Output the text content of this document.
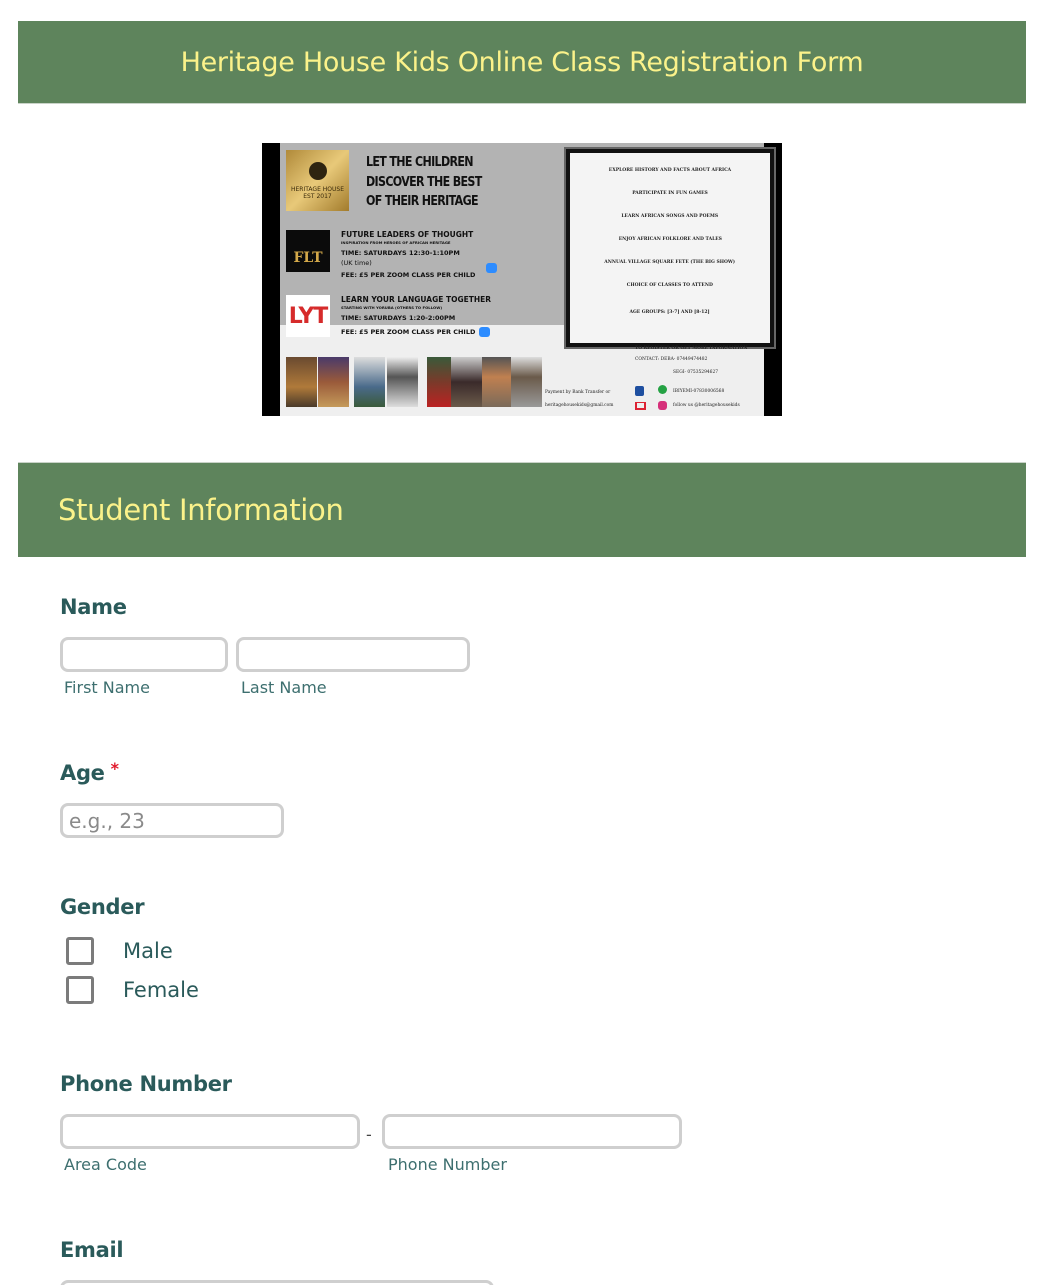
Heritage House Kids Online Class Registration Form
HERITAGE HOUSE
EST 2017
LET THE CHILDREN
DISCOVER THE BEST
OF THEIR HERITAGE
FLT
FUTURE LEADERS OF THOUGHT
INSPIRATION FROM HEROES OF AFRICAN HERITAGE
TIME: SATURDAYS 12:30-1:10PM
(UK time)
FEE: £5 PER ZOOM CLASS PER CHILD
LYT
LEARN YOUR LANGUAGE TOGETHER
STARTING WITH YORUBA (OTHERS TO FOLLOW)
TIME: SATURDAYS 1:20-2:00PM
FEE: £5 PER ZOOM CLASS PER CHILD
EXPLORE HISTORY AND FACTS ABOUT AFRICA
PARTICIPATE IN FUN GAMES
LEARN AFRICAN SONGS AND POEMS
ENJOY AFRICAN FOLKLORE AND TALES
ANNUAL VILLAGE SQUARE FETE (THE BIG SHOW)
CHOICE OF CLASSES TO ATTEND
AGE GROUPS: [3-7] AND [8-12]
TO REGISTER OR GET MORE INFORMATION
CONTACT: DEBA- 07449474482
SEGI- 07535294627
Payment by Bank Transfer or
heritagehousekids@gmail.com
IBIYEMI-07830006568
follow us @heritagehousekids
Student Information
Name
First Name	Last Name
Age *
e.g., 23
Gender
Male
Female
Phone Number
-
Area Code	Phone Number
Email
